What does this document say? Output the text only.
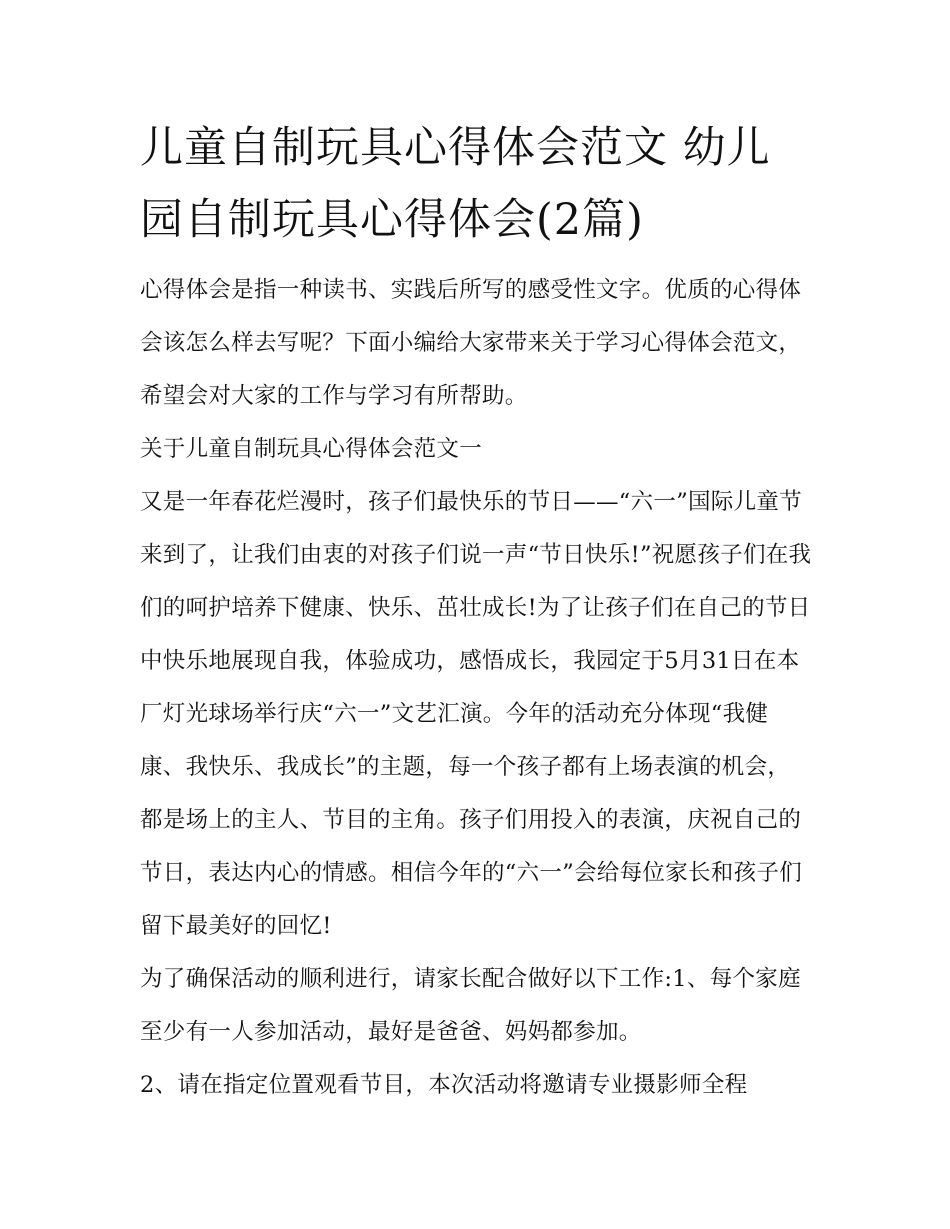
儿童自制玩具心得体会范文 幼儿园自制玩具心得体会(2篇)

心得体会是指一种读书、实践后所写的感受性文字。优质的心得体会该怎么样去写呢？下面小编给大家带来关于学习心得体会范文，希望会对大家的工作与学习有所帮助。

关于儿童自制玩具心得体会范文一

又是一年春花烂漫时，孩子们最快乐的节日——“六一”国际儿童节来到了，让我们由衷的对孩子们说一声“节日快乐!”祝愿孩子们在我们的呵护培养下健康、快乐、茁壮成长!为了让孩子们在自己的节日中快乐地展现自我，体验成功，感悟成长，我园定于5月31日在本厂灯光球场举行庆“六一”文艺汇演。今年的活动充分体现“我健康、我快乐、我成长”的主题，每一个孩子都有上场表演的机会，都是场上的主人、节目的主角。孩子们用投入的表演，庆祝自己的节日，表达内心的情感。相信今年的“六一”会给每位家长和孩子们留下最美好的回忆!

为了确保活动的顺利进行，请家长配合做好以下工作:1、每个家庭至少有一人参加活动，最好是爸爸、妈妈都参加。

2、请在指定位置观看节目，本次活动将邀请专业摄影师全程
